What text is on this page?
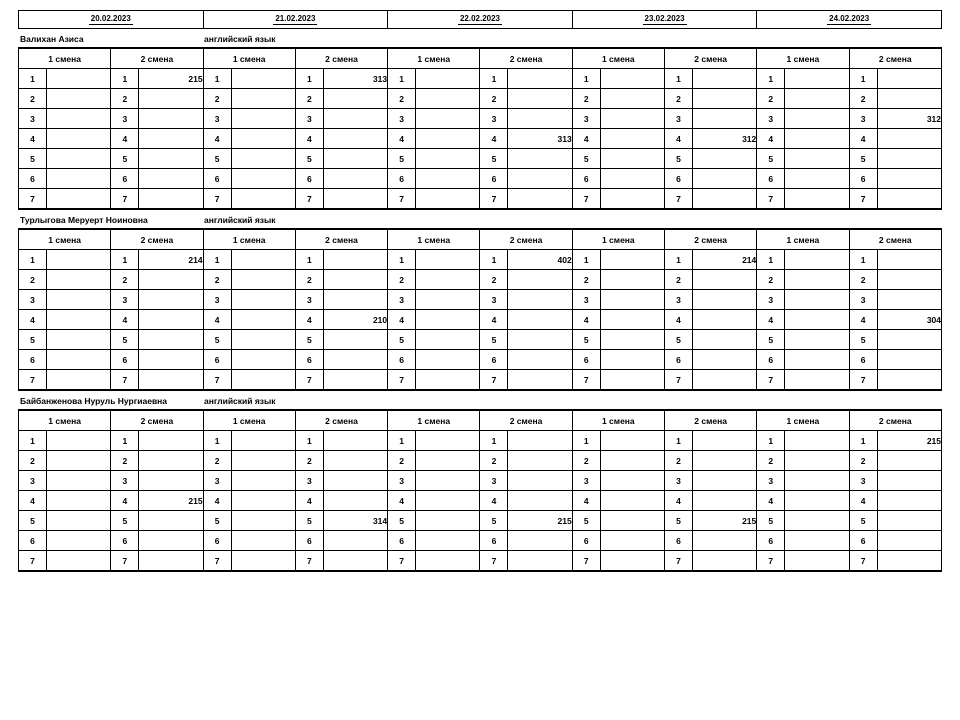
20.02.2023	21.02.2023	22.02.2023	23.02.2023	24.02.2023
Валихан Азиса	английский язык
1 смена		2 смена		1 смена		2 смена		1 смена		2 смена		1 смена		2 смена		1 смена		2 смена	
1		1	215	1		1	313	1		1		1		1		1		1	
2		2		2		2		2		2		2		2		2		2	
3		3		3		3		3		3		3		3		3		3	312
4		4		4		4		4		4	313	4		4	312	4		4	
5		5		5		5		5		5		5		5		5		5	
6		6		6		6		6		6		6		6		6		6	
7		7		7		7		7		7		7		7		7		7	
Турлыгова Меруерт Ноиновна	английский язык
1 смена		2 смена		1 смена		2 смена		1 смена		2 смена		1 смена		2 смена		1 смена		2 смена	
1		1	214	1		1		1		1	402	1		1	214	1		1	
2		2		2		2		2		2		2		2		2		2	
3		3		3		3		3		3		3		3		3		3	
4		4		4		4	210	4		4		4		4		4		4	304
5		5		5		5		5		5		5		5		5		5	
6		6		6		6		6		6		6		6		6		6	
7		7		7		7		7		7		7		7		7		7	
Байбанженова Нуруль Нургиаевна	английский язык
1 смена		2 смена		1 смена		2 смена		1 смена		2 смена		1 смена		2 смена		1 смена		2 смена	
1		1		1		1		1		1		1		1		1		1	215
2		2		2		2		2		2		2		2		2		2	
3		3		3		3		3		3		3		3		3		3	
4		4	215	4		4		4		4		4		4		4		4	
5		5		5		5	314	5		5	215	5		5	215	5		5	
6		6		6		6		6		6		6		6		6		6	
7		7		7		7		7		7		7		7		7		7	
